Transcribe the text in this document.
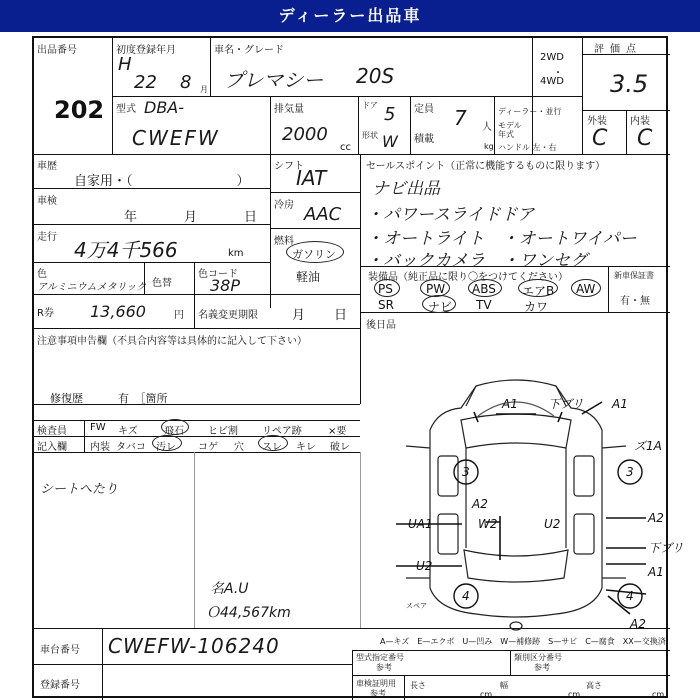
ディーラー出品車
出品番号
202
初度登録年月
H
22 8 月
車名・グレード
プレマシー 20S
2WD
・
4WD
評価点
3.5
外装 内装
C C
型式 DBA-
CWEFW
排気量
2000
cc
ドア 5
形状 W
定員 7 人
積載
kg
ディーラー・並行
モデル
年式
ハンドル 左・右
車歴
自家用・（　　　　　　　　）
車検
年	月	日
走行
4万4千566	km
色
アルミニウムメタリック 色替
色コード
38P
R券 13,660	円 名義変更期限	月 日
シフト
IAT
冷房 AAC
燃料
ガソリン
軽油
セールスポイント（正常に機能するものに限ります）
ナビ出品
・パワースライドドア
・オートライト　・オートワイパー
・バックカメラ　・ワンセグ
装備品（純正品に限り〇をつけてください）
PS	PW ABS エアB AW
SR	ナビ TV	カワ
新車保証書
有・無
後日品
注意事項申告欄（不具合内容等は具体的に記入して下さい）
修復歴	有　［箇所
検査員
記入欄
FW キズ	飛石 ヒビ割 リペア跡	×要
内装 タバコ 汚レ コゲ 穴 スレ キレ 破レ
シートへたり
名A.U
Ｏ44,567km
A1	下ブリ A1
ズ1A
3	3
UA1	W2	U2	A2
下ブリ
A1
U2
4	4
A2
A2
スペア
A—キズ　E—エクボ　U—凹み　W—補修跡　S—サビ　C—腐食　XX—交換済
車台番号 CWEFW-106240
登録番号
型式指定番号
参考
類別区分番号
参考
車検証明用
参考
長さ
cm
幅
cm
高さ
cm
